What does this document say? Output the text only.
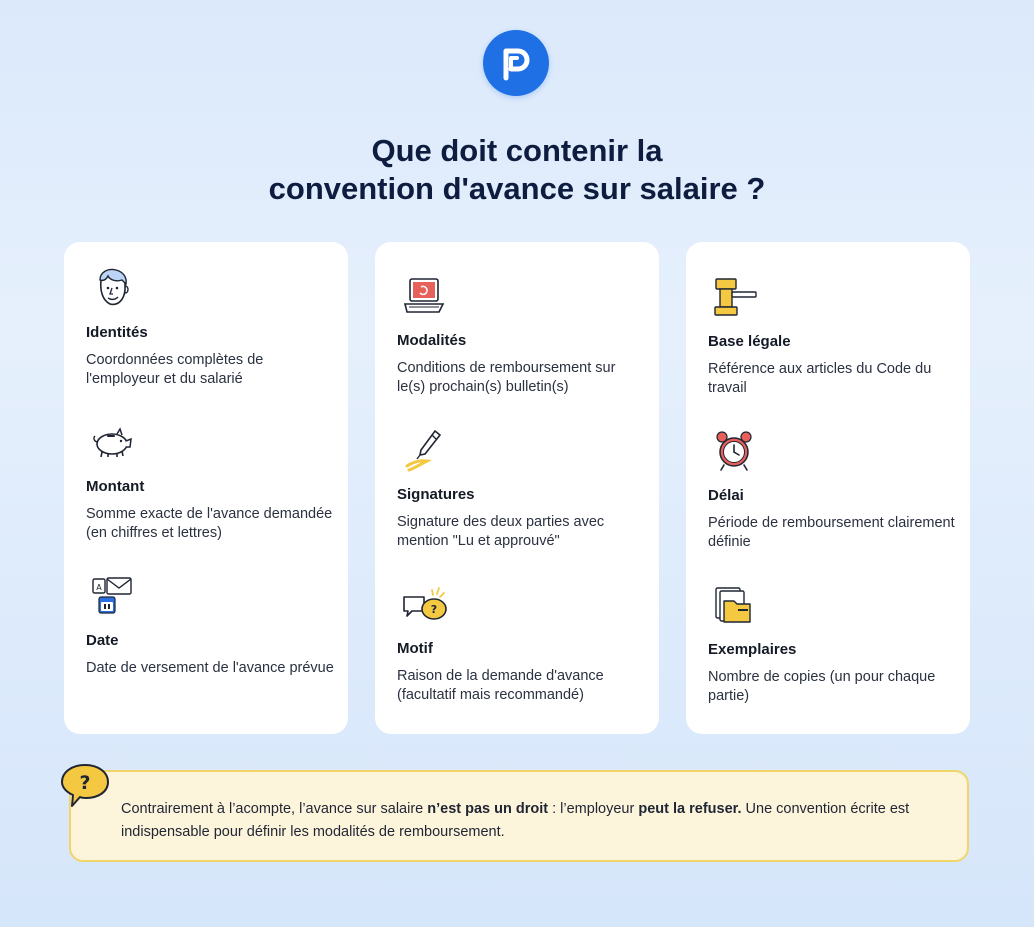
Que doit contenir la
convention d'avance sur salaire ?
Identités

Coordonnées complètes de l'employeur et du salarié

Montant

Somme exacte de l'avance demandée (en chiffres et lettres)

A
Date

Date de versement de l'avance prévue

Modalités

Conditions de remboursement sur le(s) prochain(s) bulletin(s)

Signatures

Signature des deux parties avec mention "Lu et approuvé"

?
Motif

Raison de la demande d'avance (facultatif mais recommandé)

Base légale

Référence aux articles du Code du travail

Délai

Période de remboursement clairement définie

Exemplaires

Nombre de copies (un pour chaque partie)

Contrairement à l’acompte, l’avance sur salaire n’est pas un droit : l’employeur peut la refuser. Une convention écrite est indispensable pour définir les modalités de remboursement.

?
